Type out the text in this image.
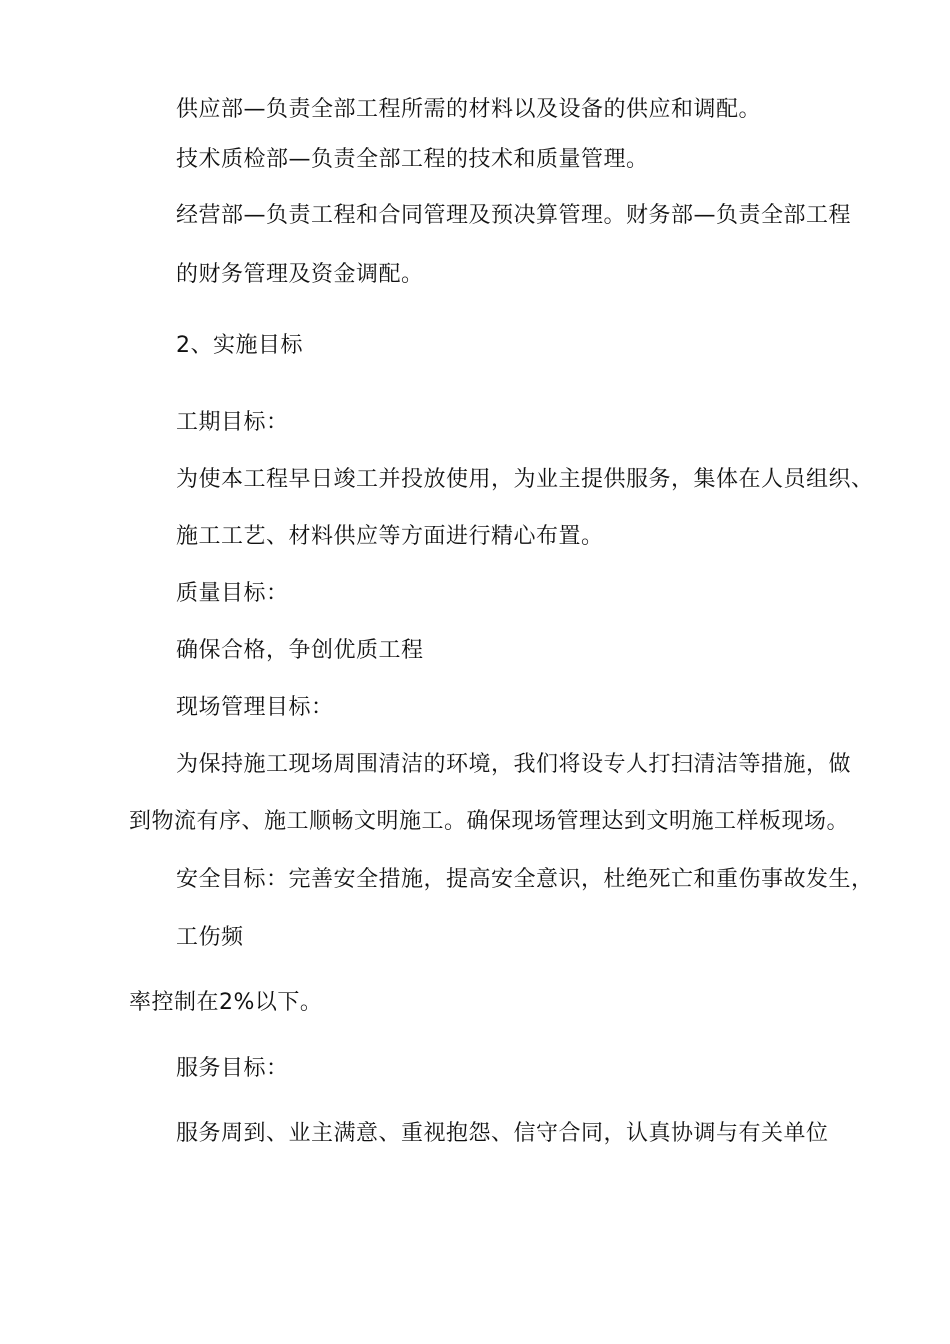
供应部—负责全部工程所需的材料以及设备的供应和调配。
技术质检部—负责全部工程的技术和质量管理。
经营部—负责工程和合同管理及预决算管理。财务部—负责全部工程
的财务管理及资金调配。
2、实施目标
工期目标：
为使本工程早日竣工并投放使用，为业主提供服务，集体在人员组织、
施工工艺、材料供应等方面进行精心布置。
质量目标：
确保合格，争创优质工程
现场管理目标：
为保持施工现场周围清洁的环境，我们将设专人打扫清洁等措施，做
到物流有序、施工顺畅文明施工。确保现场管理达到文明施工样板现场。
安全目标：完善安全措施，提高安全意识，杜绝死亡和重伤事故发生，
工伤频
率控制在2%以下。
服务目标：
服务周到、业主满意、重视抱怨、信守合同，认真协调与有关单位
